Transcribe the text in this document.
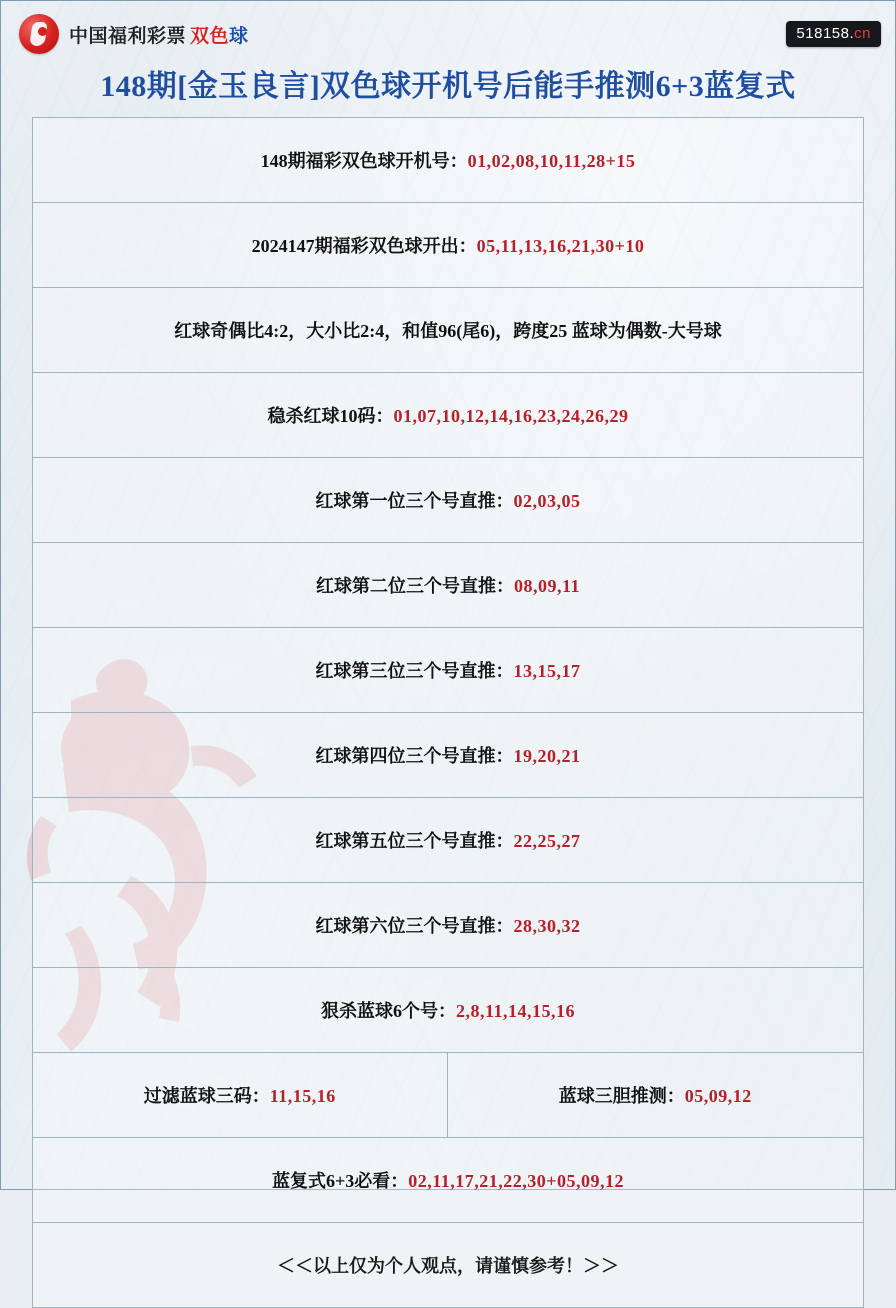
中国福利彩票 双色球	518158.cn
148期[金玉良言]双色球开机号后能手推测6+3蓝复式
148期福彩双色球开机号：01,02,08,10,11,28+15
2024147期福彩双色球开出：05,11,13,16,21,30+10
红球奇偶比4:2，大小比2:4，和值96(尾6)，跨度25 蓝球为偶数-大号球
稳杀红球10码：01,07,10,12,14,16,23,24,26,29
红球第一位三个号直推：02,03,05
红球第二位三个号直推：08,09,11
红球第三位三个号直推：13,15,17
红球第四位三个号直推：19,20,21
红球第五位三个号直推：22,25,27
红球第六位三个号直推：28,30,32
狠杀蓝球6个号：2,8,11,14,15,16
过滤蓝球三码：11,15,16	蓝球三胆推测：05,09,12
蓝复式6+3必看：02,11,17,21,22,30+05,09,12
＜＜以上仅为个人观点，请谨慎参考！＞＞
